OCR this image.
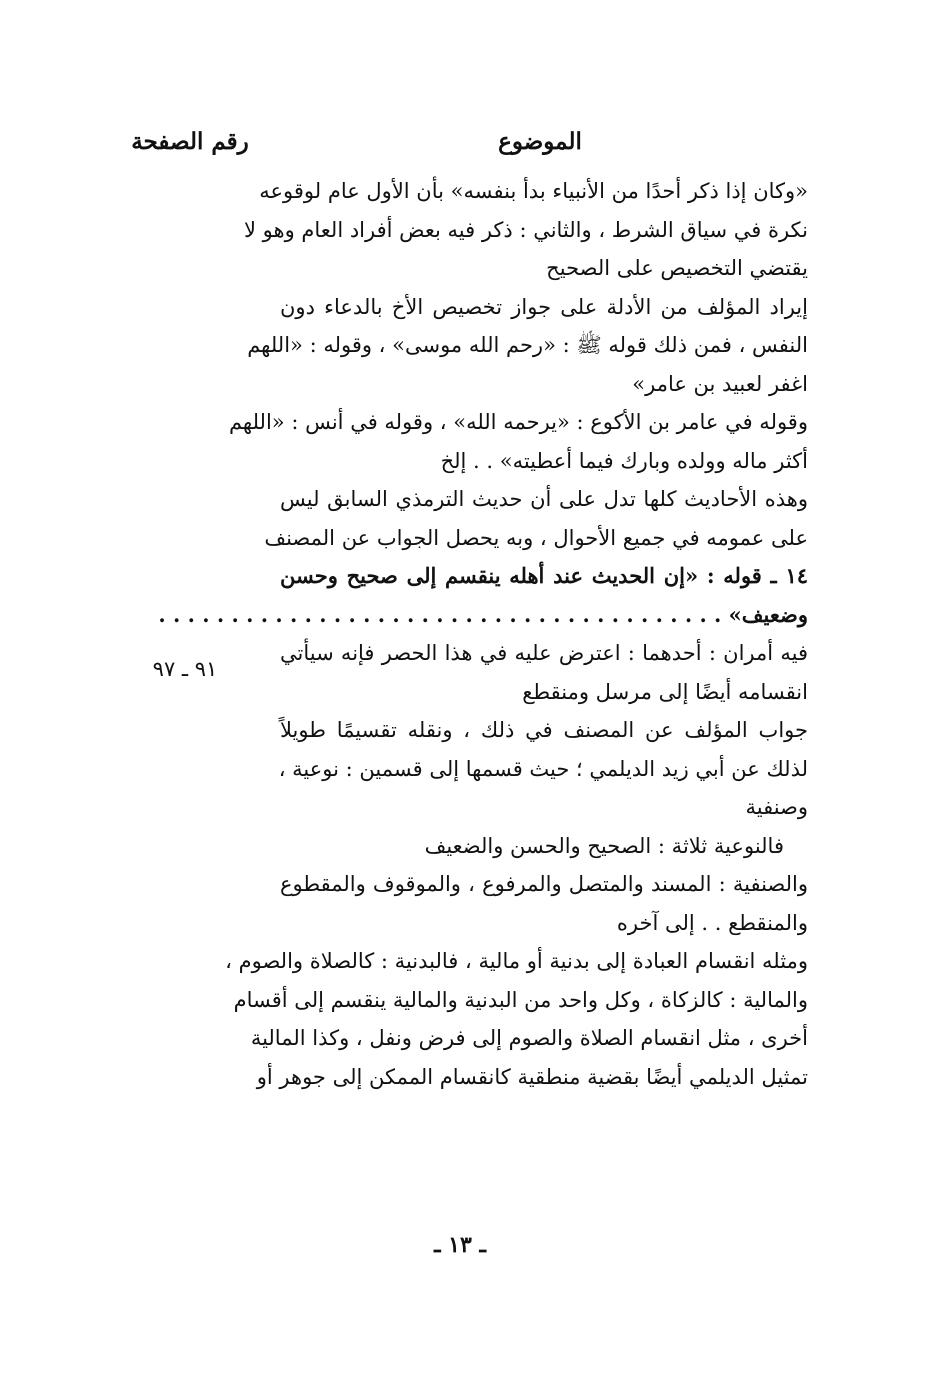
الموضوع
رقم الصفحة
«وكان إذا ذكر أحدًا من الأنبياء بدأ بنفسه» بأن الأول عام لوقوعه
نكرة في سياق الشرط ، والثاني : ذكر فيه بعض أفراد العام وهو لا
يقتضي التخصيص على الصحيح
إيراد المؤلف من الأدلة على جواز تخصيص الأخ بالدعاء دون
النفس ، فمن ذلك قوله ﷺ : «رحم الله موسى» ، وقوله : «اللهم
اغفر لعبيد بن عامر»
وقوله في عامر بن الأكوع : «يرحمه الله» ، وقوله في أنس : «اللهم
أكثر ماله وولده وبارك فيما أعطيته» . . إلخ
وهذه الأحاديث كلها تدل على أن حديث الترمذي السابق ليس
على عمومه في جميع الأحوال ، وبه يحصل الجواب عن المصنف
١٤ ـ قوله : «إن الحديث عند أهله ينقسم إلى صحيح وحسن
وضعيف» . . . . . . . . . . . . . . . . . . . . . . . . . . . . . . . . . . . . . . .
فيه أمران : أحدهما : اعترض عليه في هذا الحصر فإنه سيأتي
انقسامه أيضًا إلى مرسل ومنقطع
جواب المؤلف عن المصنف في ذلك ، ونقله تقسيمًا طويلاً
لذلك عن أبي زيد الديلمي ؛ حيث قسمها إلى قسمين : نوعية ،
وصنفية
فالنوعية ثلاثة : الصحيح والحسن والضعيف
والصنفية : المسند والمتصل والمرفوع ، والموقوف والمقطوع
والمنقطع . . إلى آخره
ومثله انقسام العبادة إلى بدنية أو مالية ، فالبدنية : كالصلاة والصوم ،
والمالية : كالزكاة ، وكل واحد من البدنية والمالية ينقسم إلى أقسام
أخرى ، مثل انقسام الصلاة والصوم إلى فرض ونفل ، وكذا المالية
تمثيل الديلمي أيضًا بقضية منطقية كانقسام الممكن إلى جوهر أو
٩١ ـ ٩٧
ـ ١٣ ـ
